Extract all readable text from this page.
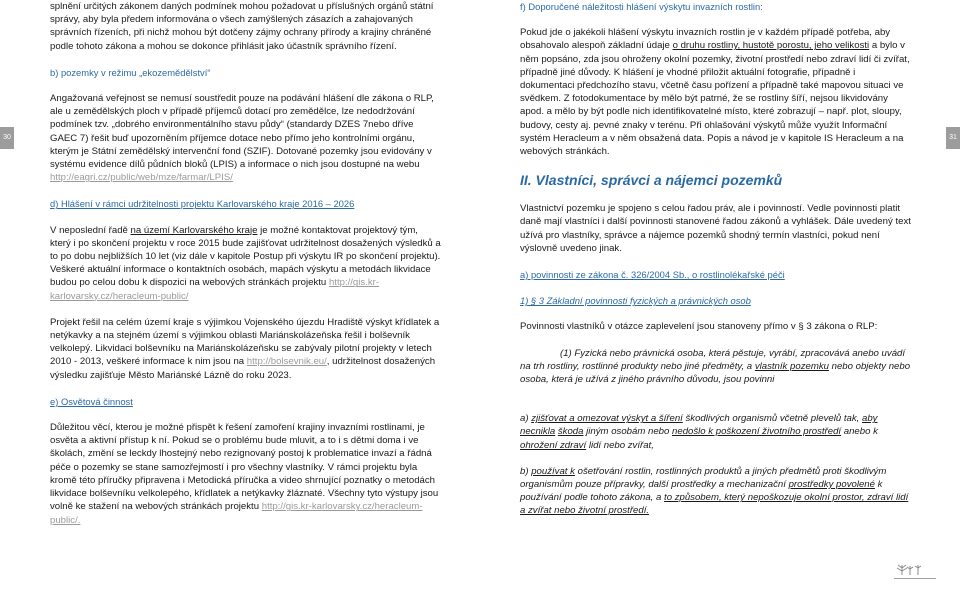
30

splnění určitých zákonem daných podmínek mohou požadovat u příslušných orgánů státní správy, aby byla předem informována o všech zamýšlených zásazích a zahajovaných správních řízeních, při nichž mohou být dotčeny zájmy ochrany přírody a krajiny chráněné podle tohoto zákona a mohou se dokonce přihlásit jako účastník správního řízení.

b) pozemky v režimu „ekozemědělství“

Angažovaná veřejnost se nemusí soustředit pouze na podávání hlášení dle zákona o RLP, ale u zemědělských ploch v případě příjemců dotací pro zemědělce, lze nedodržování podmínek tzv. „dobrého environmentálního stavu půdy“ (standardy DZES 7nebo dříve GAEC 7) řešit buď upozorněním příjemce dotace nebo přímo jeho kontrolními orgánu, kterým je Státní zemědělský intervenční fond (SZIF). Dotované pozemky jsou evidovány v systému evidence dílů půdních bloků (LPIS) a informace o nich jsou dostupné na webu http://eagri.cz/public/web/mze/farmar/LPIS/

d) Hlášení v rámci udržitelnosti projektu Karlovarského kraje 2016 – 2026

V neposlední řadě na území Karlovarského kraje je možné kontaktovat projektový tým, který i po skončení projektu v roce 2015 bude zajišťovat udržitelnost dosažených výsledků a to po dobu nejbližších 10 let (viz dále v kapitole Postup při výskytu IR po skončení projektu). Veškeré aktuální informace o kontaktních osobách, mapách výskytu a metodách likvidace budou po celou dobu k dispozici na webových stránkách projektu http://gis.kr-karlovarsky.cz/heracleum-public/

Projekt řešil na celém území kraje s výjimkou Vojenského újezdu Hradiště výskyt křídlatek a netýkavky a na stejném území s výjimkou oblasti Mariánskolázeňska řešil i bolševník velkolepý. Likvidaci bolševníku na Mariánskolázeňsku se zabývaly pilotní projekty v letech 2010 - 2013, veškeré informace k nim jsou na http://bolsevnik.eu/, udržitelnost dosažených výsledku zajišťuje Město Mariánské Lázně do roku 2023.

e) Osvětová činnost

Důležitou věcí, kterou je možné přispět k řešení zamoření krajiny invazními rostlinami, je osvěta a aktivní přístup k ní. Pokud se o problému bude mluvit, a to i s dětmi doma i ve školách, změní se leckdy lhostejný nebo rezignovaný postoj k problematice invazí a řádná péče o pozemky se stane samozřejmostí i pro všechny vlastníky. V rámci projektu byla kromě této příručky připravena i Metodická příručka a video shrnující poznatky o metodách likvidace bolševníku velkolepého, křídlatek a netýkavky žláznaté. Všechny tyto výstupy jsou volně ke stažení na webových stránkách projektu http://gis.kr-karlovarsky.cz/heracleum-public/.

31

f) Doporučené náležitosti hlášení výskytu invazních rostlin:

Pokud jde o jakékoli hlášení výskytu invazních rostlin je v každém případě potřeba, aby obsahovalo alespoň základní údaje o druhu rostliny, hustotě porostu, jeho velikosti a bylo v něm popsáno, zda jsou ohroženy okolní pozemky, životní prostředí nebo zdraví lidí či zvířat, případně jiné důvody. K hlášení je vhodné přiložit aktuální fotografie, případně i dokumentaci předchozího stavu, včetně času pořízení a případně také mapovou situaci ve svědkem. Z fotodokumentace by mělo být patrné, že se rostliny šíří, nejsou likvidovány apod. a mělo by být podle nich identifikovatelné místo, které zobrazují – např. plot, sloupy, budovy, cesty aj. pevné znaky v terénu. Při ohlašování výskytů může využít Informační systém Heracleum a v něm obsažená data. Popis a návod je v kapitole IS Heracleum a na webových stránkách.

II. Vlastníci, správci a nájemci pozemků

Vlastnictví pozemku je spojeno s celou řadou práv, ale i povinností. Vedle povinnosti platit daně mají vlastníci i další povinnosti stanovené řadou zákonů a vyhlášek. Dále uvedený text užívá pro vlastníky, správce a nájemce pozemků shodný termín vlastníci, pokud není výslovně uvedeno jinak.

a) povinnosti ze zákona č. 326/2004 Sb., o rostlinolékařské péči

1) § 3 Základní povinnosti fyzických a právnických osob

Povinnosti vlastníků v otázce zaplevelení jsou stanoveny přímo v § 3 zákona o RLP:

(1) Fyzická nebo právnická osoba, která pěstuje, vyrábí, zpracovává anebo uvádí na trh rostliny, rostlinné produkty nebo jiné předměty, a vlastník pozemku nebo objekty nebo osoba, která je užívá z jiného právního důvodu, jsou povinni

a) zjišťovat a omezovat výskyt a šíření škodlivých organismů včetně plevelů tak, aby necnikla škoda jiným osobám nebo nedošlo k poškození životního prostředí anebo k ohrožení zdraví lidí nebo zvířat,

b) používat k ošetřování rostlin, rostlinných produktů a jiných předmětů proti škodlivým organismům pouze přípravky, další prostředky a mechanizační prostředky povolené k používání podle tohoto zákona, a to způsobem, který nepoškozuje okolní prostor, zdraví lidí a zvířat nebo životní prostředí.
